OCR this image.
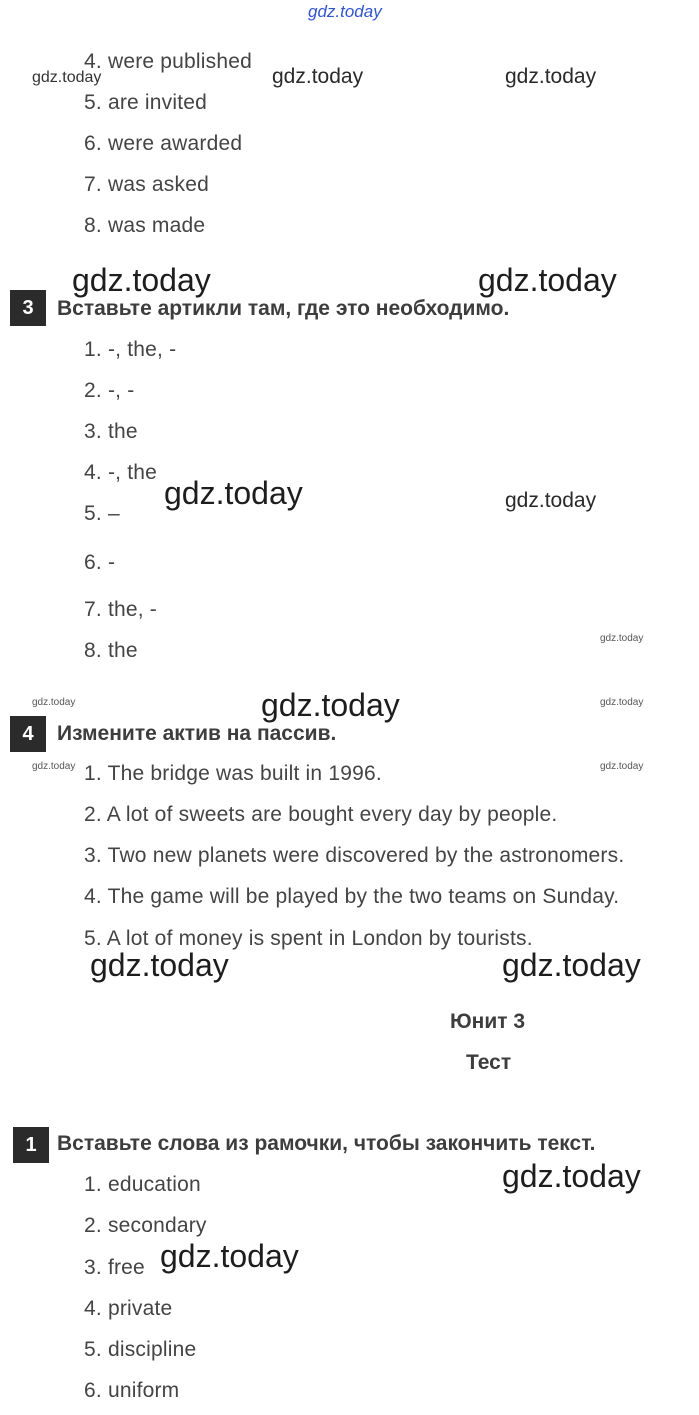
gdz.today
4. were published
5. are invited
6. were awarded
7. was asked
8. was made
gdz.today	gdz.today	gdz.today
gdz.today	gdz.today
3	Вставьте артикли там, где это необходимо.
1. -, the, -
2. -, -
3. the
4. -, the
5. –
6. -
7. the, -
8. the
gdz.today	gdz.today
gdz.today
gdz.today	gdz.today	gdz.today
4	Измените актив на пассив.
gdz.today	gdz.today
1. The bridge was built in 1996.
2. A lot of sweets are bought every day by people.
3. Two new planets were discovered by the astronomers.
4. The game will be played by the two teams on Sunday.
5. A lot of money is spent in London by tourists.
gdz.today	gdz.today
Юнит 3
Тест
1 Вставьте слова из рамочки, чтобы закончить текст.
gdz.today
1. education
2. secondary
3. free
4. private
5. discipline
6. uniform
gdz.today
